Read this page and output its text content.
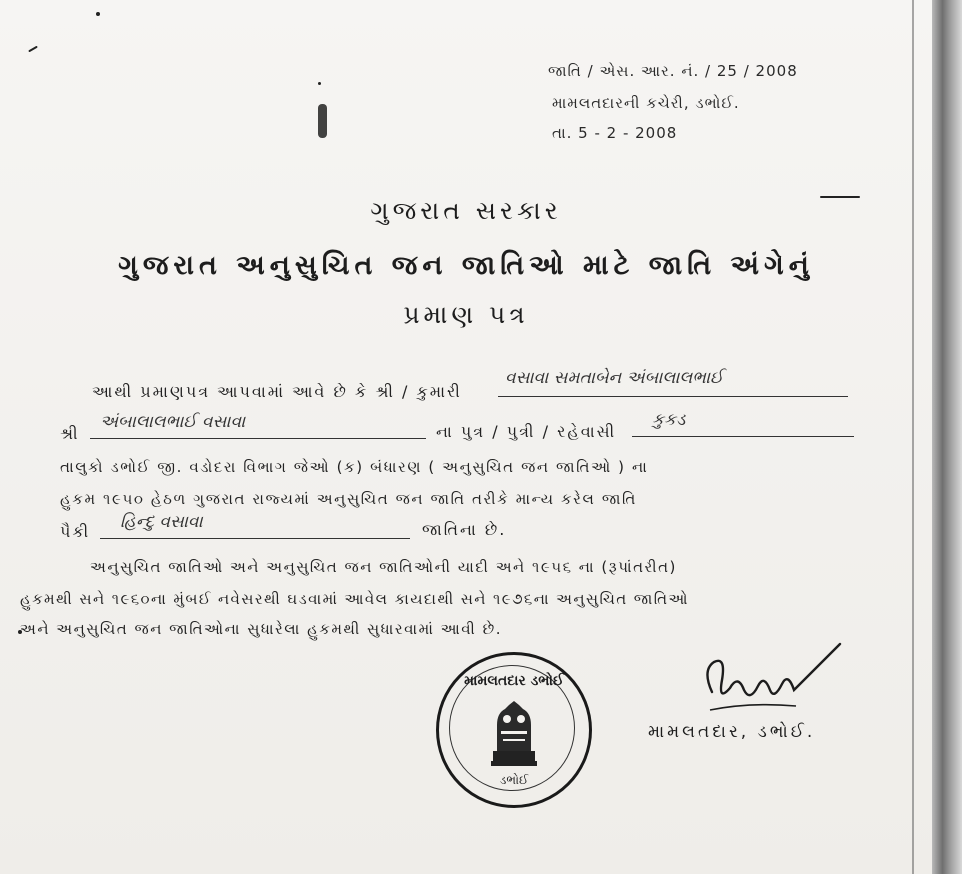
જાતિ / એસ. આર. નં. / 25 / 2008
મામલતદારની કચેરી, ડભોઈ.
તા. 5 - 2 - 2008
ગુજરાત સરકાર
ગુજરાત અનુસુચિત જન જાતિઓ માટે જાતિ અંગેનું
પ્રમાણ પત્ર
આથી પ્રમાણપત્ર આપવામાં આવે છે કે શ્રી / કુમારી
વસાવા સમતાબેન અંબાલાલભાઈ
શ્રી
અંબાલાલભાઈ વસાવા	ના પુત્ર / પુત્રી / રહેવાસી
કુકડ
તાલુકો ડભોઈ જી. વડોદરા વિભાગ જેઓ (ક) બંધારણ ( અનુસુચિત જન જાતિઓ ) ના
હુકમ ૧૯૫૦ હેઠળ ગુજરાત રાજ્યમાં અનુસુચિત જન જાતિ તરીકે માન્ય કરેલ જાતિ
પૈકી હિન્દુ વસાવા	જાતિના છે.
અનુસુચિત જાતિઓ અને અનુસુચિત જન જાતિઓની યાદી અને ૧૯૫૬ ના (રૂપાંતરીત)
હુકમથી સને ૧૯૬૦ના મુંબઈ નવેસરથી ઘડવામાં આવેલ કાયદાથી સને ૧૯૭૬ના અનુસુચિત જાતિઓ
અને અનુસુચિત જન જાતિઓના સુધારેલા હુકમથી સુધારવામાં આવી છે.
મામલતદાર ડભોઈ
ડભોઈ
મામલતદાર, ડભોઈ.
